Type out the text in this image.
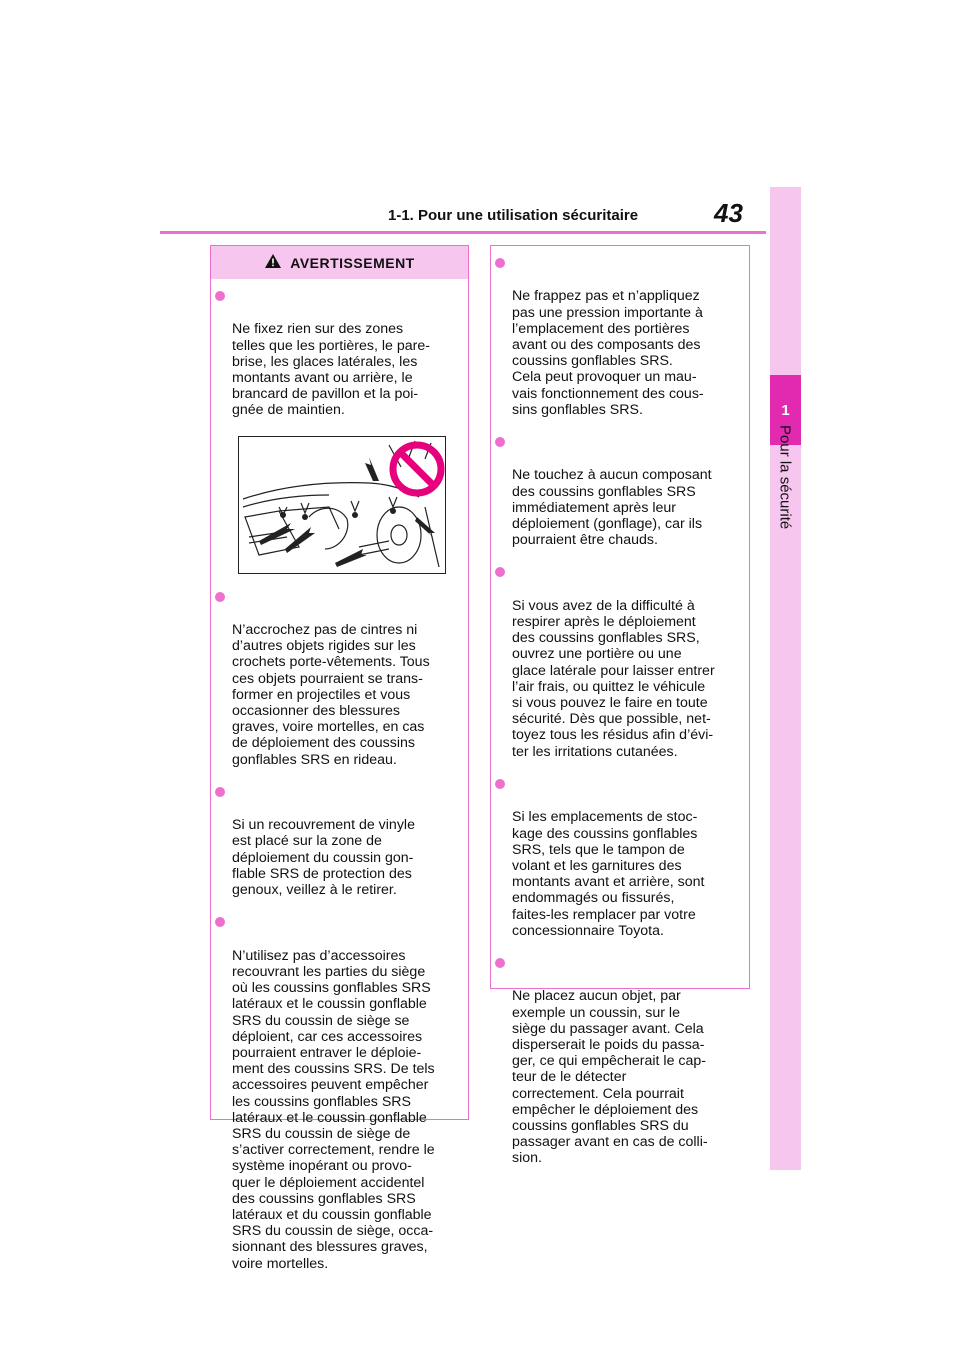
1-1. Pour une utilisation sécuritaire	43
1
Pour la sécurité
AVERTISSEMENT

Ne fixez rien sur des zones
telles que les portières, le pare-
brise, les glaces latérales, les
montants avant ou arrière, le
brancard de pavillon et la poi-
gnée de maintien.

N’accrochez pas de cintres ni
d’autres objets rigides sur les
crochets porte-vêtements. Tous
ces objets pourraient se trans-
former en projectiles et vous
occasionner des blessures
graves, voire mortelles, en cas
de déploiement des coussins
gonflables SRS en rideau.

Si un recouvrement de vinyle
est placé sur la zone de
déploiement du coussin gon-
flable SRS de protection des
genoux, veillez à le retirer.

N’utilisez pas d’accessoires
recouvrant les parties du siège
où les coussins gonflables SRS
latéraux et le coussin gonflable
SRS du coussin de siège se
déploient, car ces accessoires
pourraient entraver le déploie-
ment des coussins SRS. De tels
accessoires peuvent empêcher
les coussins gonflables SRS
latéraux et le coussin gonflable
SRS du coussin de siège de
s’activer correctement, rendre le
système inopérant ou provo-
quer le déploiement accidentel
des coussins gonflables SRS
latéraux et du coussin gonflable
SRS du coussin de siège, occa-
sionnant des blessures graves,
voire mortelles.

Ne frappez pas et n’appliquez
pas une pression importante à
l’emplacement des portières
avant ou des composants des
coussins gonflables SRS.
Cela peut provoquer un mau-
vais fonctionnement des cous-
sins gonflables SRS.

Ne touchez à aucun composant
des coussins gonflables SRS
immédiatement après leur
déploiement (gonflage), car ils
pourraient être chauds.

Si vous avez de la difficulté à
respirer après le déploiement
des coussins gonflables SRS,
ouvrez une portière ou une
glace latérale pour laisser entrer
l’air frais, ou quittez le véhicule
si vous pouvez le faire en toute
sécurité. Dès que possible, net-
toyez tous les résidus afin d’évi-
ter les irritations cutanées.

Si les emplacements de stoc-
kage des coussins gonflables
SRS, tels que le tampon de
volant et les garnitures des
montants avant et arrière, sont
endommagés ou fissurés,
faites-les remplacer par votre
concessionnaire Toyota.

Ne placez aucun objet, par
exemple un coussin, sur le
siège du passager avant. Cela
disperserait le poids du passa-
ger, ce qui empêcherait le cap-
teur de le détecter
correctement. Cela pourrait
empêcher le déploiement des
coussins gonflables SRS du
passager avant en cas de colli-
sion.
